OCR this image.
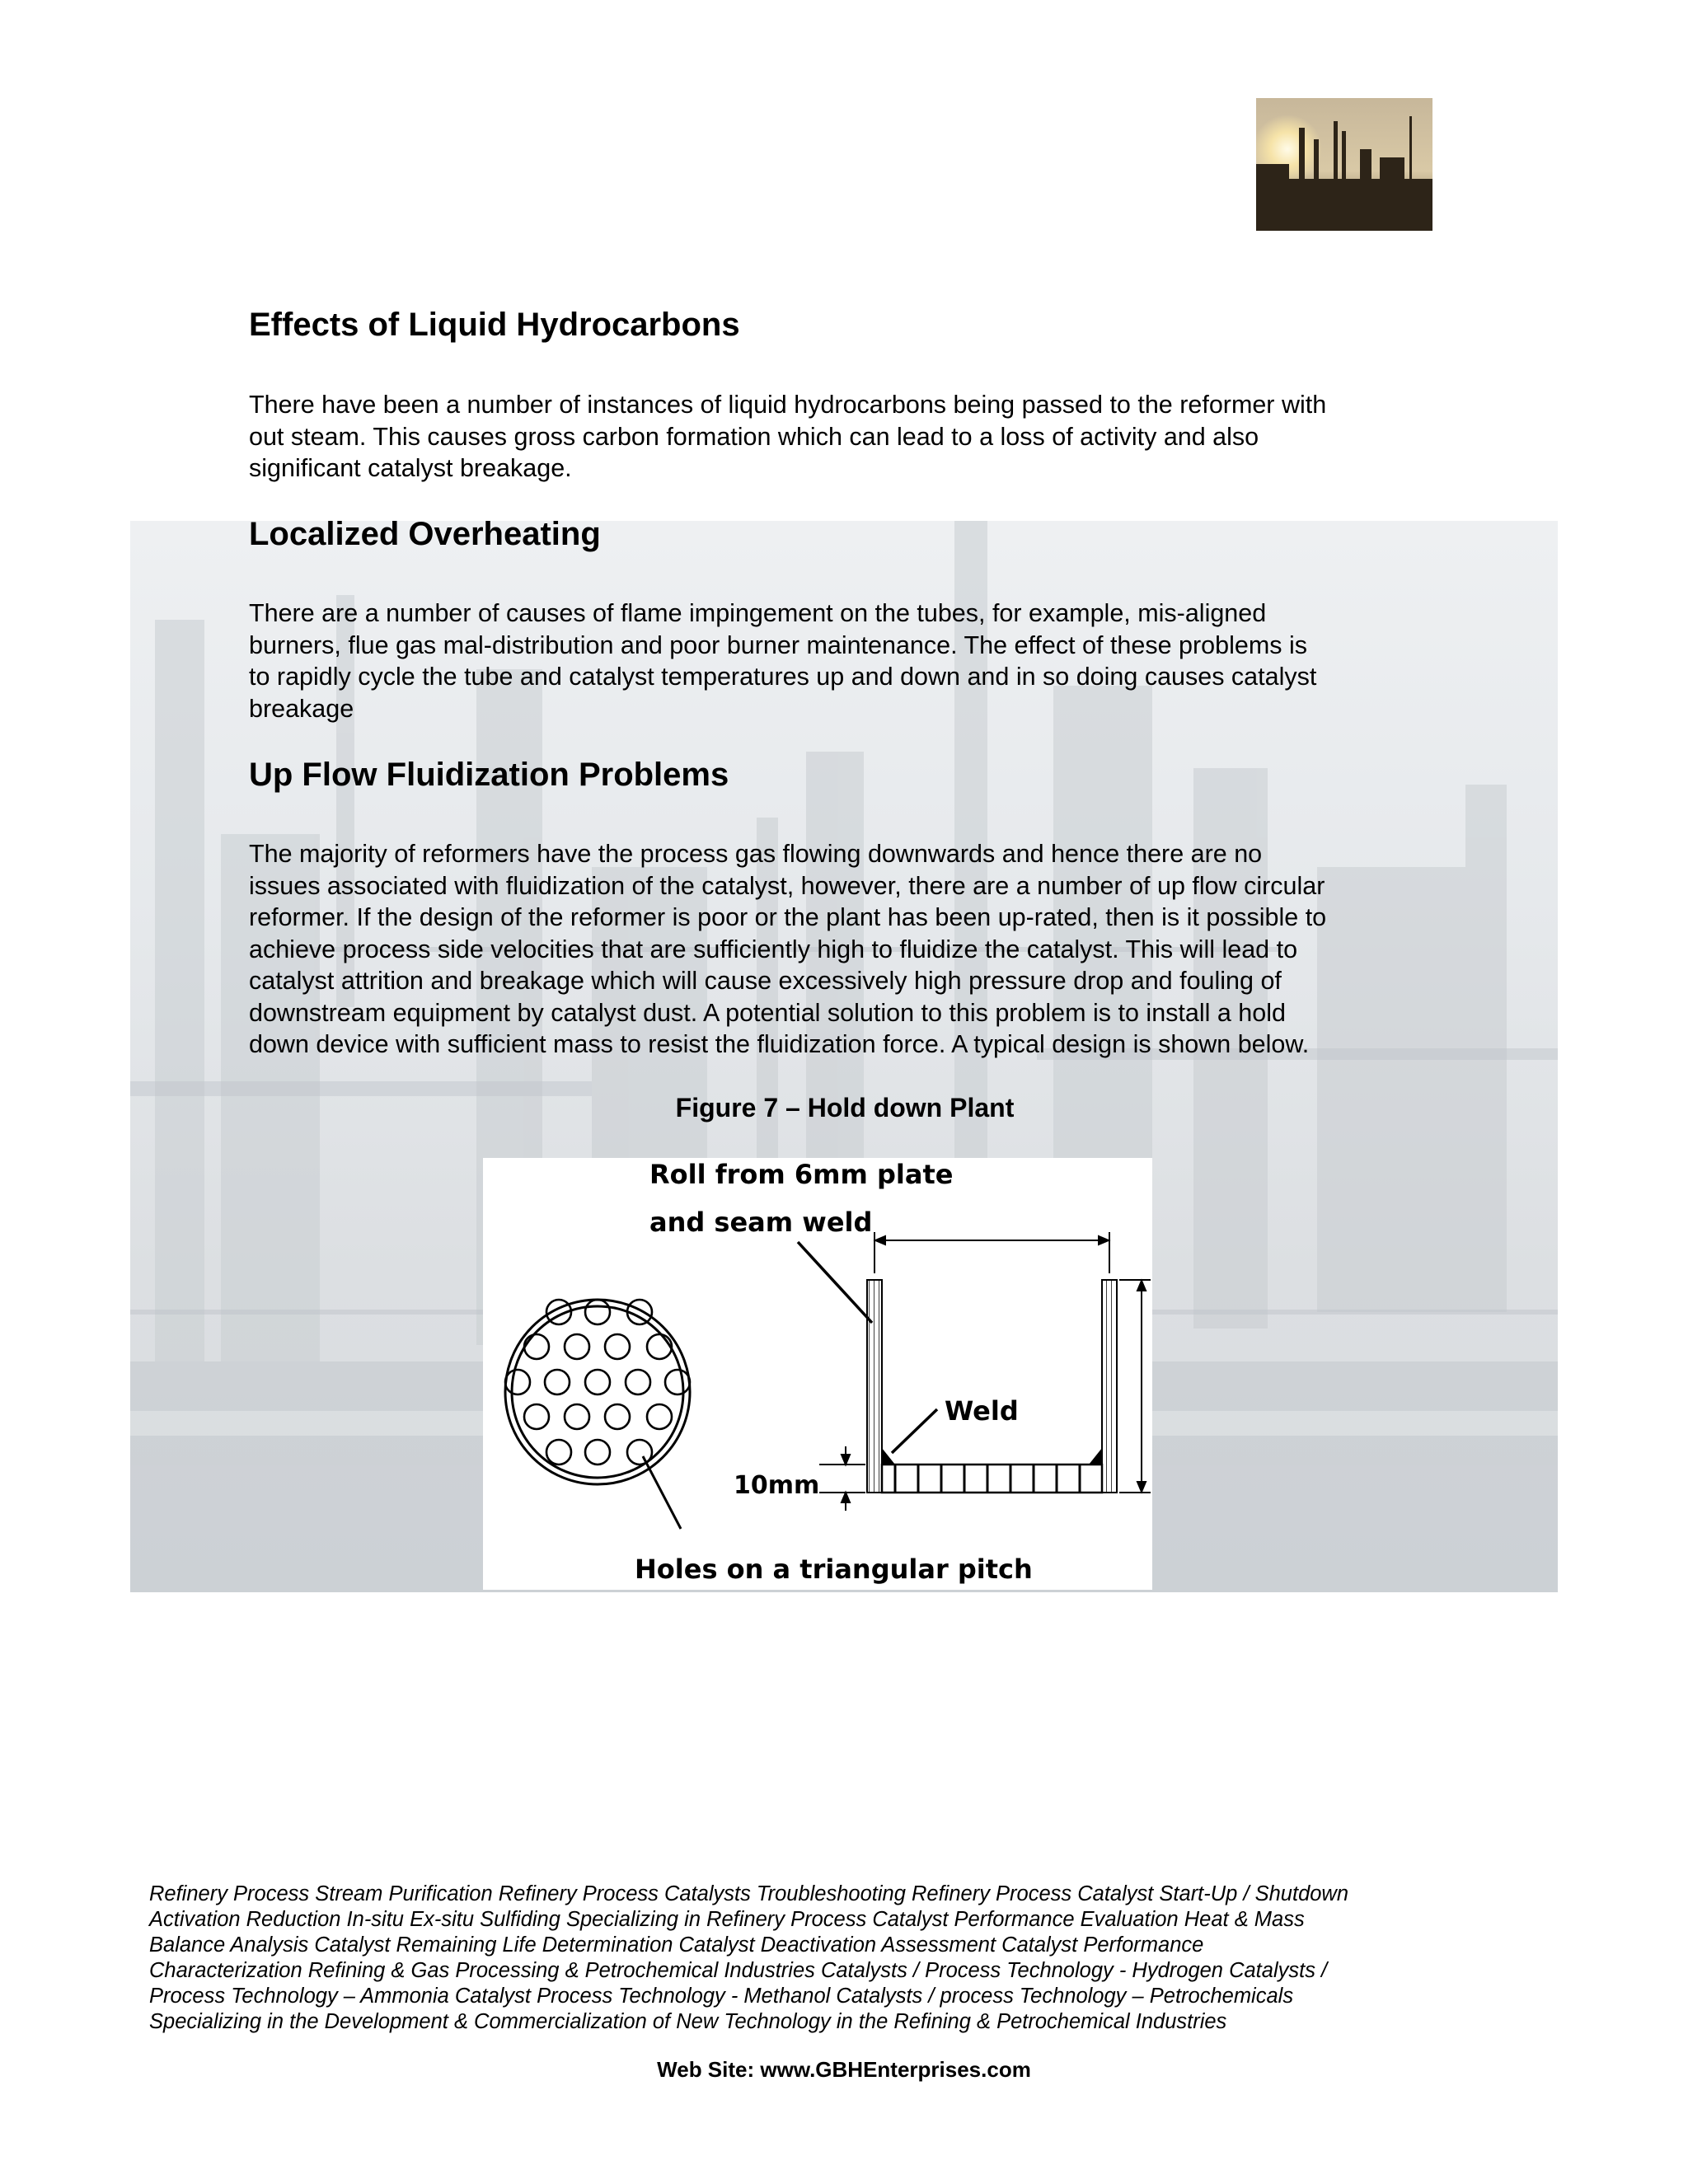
Effects of Liquid Hydrocarbons

There have been a number of instances of liquid hydrocarbons being passed to the reformer with
out steam. This causes gross carbon formation which can lead to a loss of activity and also
significant catalyst breakage.

Localized Overheating

There are a number of causes of flame impingement on the tubes, for example, mis-aligned
burners, flue gas mal-distribution and poor burner maintenance. The effect of these problems is
to rapidly cycle the tube and catalyst temperatures up and down and in so doing causes catalyst
breakage

Up Flow Fluidization Problems

The majority of reformers have the process gas flowing downwards and hence there are no
issues associated with fluidization of the catalyst, however, there are a number of up flow circular
reformer. If the design of the reformer is poor or the plant has been up-rated, then is it possible to
achieve process side velocities that are sufficiently high to fluidize the catalyst. This will lead to
catalyst attrition and breakage which will cause excessively high pressure drop and fouling of
downstream equipment by catalyst dust. A potential solution to this problem is to install a hold
down device with sufficient mass to resist the fluidization force. A typical design is shown below.

Figure 7 – Hold down Plant

Roll from 6mm plate
and seam weld
Weld
10mm
Holes on a triangular pitch

Refinery Process Stream Purification Refinery Process Catalysts Troubleshooting Refinery Process Catalyst Start-Up / Shutdown
Activation Reduction In-situ Ex-situ Sulfiding Specializing in Refinery Process Catalyst Performance Evaluation Heat & Mass
Balance Analysis Catalyst Remaining Life Determination Catalyst Deactivation Assessment Catalyst Performance
Characterization Refining & Gas Processing & Petrochemical Industries Catalysts / Process Technology - Hydrogen Catalysts /
Process Technology – Ammonia Catalyst Process Technology - Methanol Catalysts / process Technology – Petrochemicals
Specializing in the Development & Commercialization of New Technology in the Refining & Petrochemical Industries

Web Site: www.GBHEnterprises.com
